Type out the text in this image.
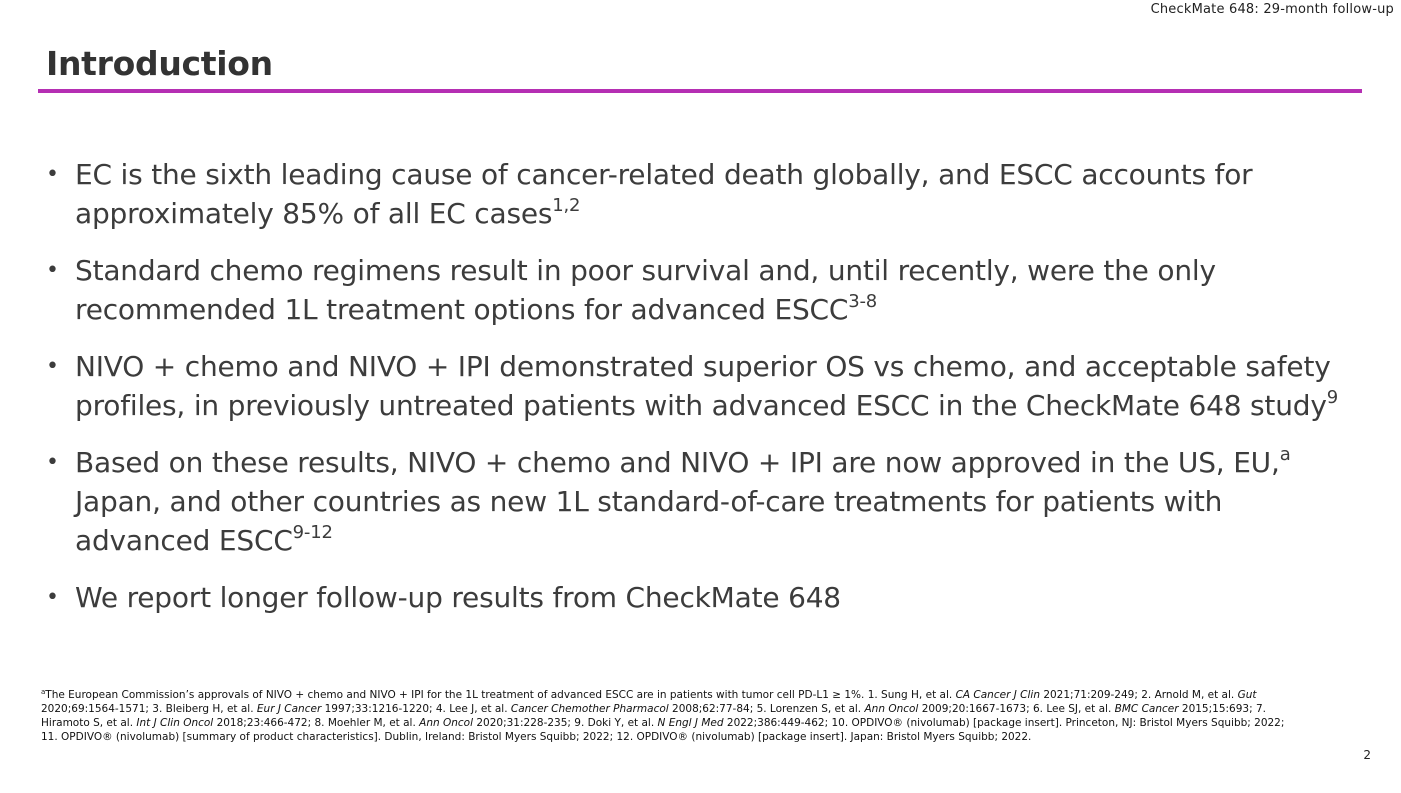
CheckMate 648: 29-month follow-up
Introduction
• EC is the sixth leading cause of cancer-related death globally, and ESCC accounts for approximately 85% of all EC cases$^{1,2}$
• Standard chemo regimens result in poor survival and, until recently, were the only recommended 1L treatment options for advanced ESCC$^{3-8}$
• NIVO + chemo and NIVO + IPI demonstrated superior OS vs chemo, and acceptable safety profiles, in previously untreated patients with advanced ESCC in the CheckMate 648 study$^9$
• Based on these results, NIVO + chemo and NIVO + IPI are now approved in the US, EU,$^a$ Japan, and other countries as new 1L standard-of-care treatments for patients with advanced ESCC$^{9-12}$
• We report longer follow-up results from CheckMate 648
$^a$The European Commission’s approvals of NIVO + chemo and NIVO + IPI for the 1L treatment of advanced ESCC are in patients with tumor cell PD-L1 ≥ 1%. 1. Sung H, et al. CA Cancer J Clin 2021;71:209-249; 2. Arnold M, et al. Gut 2020;69:1564-1571; 3. Bleiberg H, et al. Eur J Cancer 1997;33:1216-1220; 4. Lee J, et al. Cancer Chemother Pharmacol 2008;62:77-84; 5. Lorenzen S, et al. Ann Oncol 2009;20:1667-1673; 6. Lee SJ, et al. BMC Cancer 2015;15:693; 7. Hiramoto S, et al. Int J Clin Oncol 2018;23:466-472; 8. Moehler M, et al. Ann Oncol 2020;31:228-235; 9. Doki Y, et al. N Engl J Med 2022;386:449-462; 10. OPDIVO® (nivolumab) [package insert]. Princeton, NJ: Bristol Myers Squibb; 2022; 11. OPDIVO® (nivolumab) [summary of product characteristics]. Dublin, Ireland: Bristol Myers Squibb; 2022; 12. OPDIVO® (nivolumab) [package insert]. Japan: Bristol Myers Squibb; 2022.
2
